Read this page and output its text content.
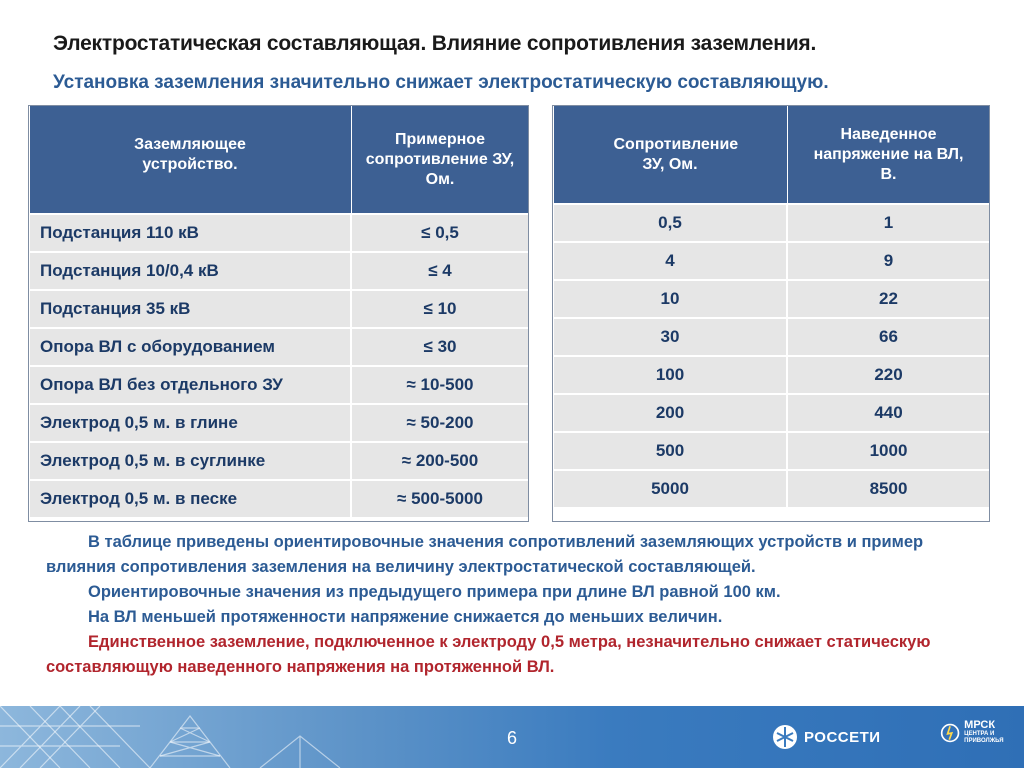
Электростатическая составляющая. Влияние сопротивления заземления.
Установка заземления значительно снижает электростатическую составляющую.
Заземляющее устройство.	Примерное сопротивление ЗУ, Ом.
Подстанция 110 кВ	≤ 0,5
Подстанция 10/0,4 кВ	≤ 4
Подстанция 35 кВ	≤ 10
Опора ВЛ с оборудованием	≤ 30
Опора ВЛ без отдельного ЗУ	≈ 10-500
Электрод 0,5 м. в глине	≈ 50-200
Электрод 0,5 м. в суглинке	≈ 200-500
Электрод 0,5 м. в песке	≈ 500-5000
Сопротивление ЗУ, Ом.	Наведенное напряжение на ВЛ, В.
0,5	1
4	9
10	22
30	66
100	220
200	440
500	1000
5000	8500

В таблице приведены ориентировочные значения сопротивлений заземляющих устройств и пример влияния сопротивления заземления на величину электростатической составляющей.

Ориентировочные значения из предыдущего примера при длине ВЛ равной 100 км.

На ВЛ меньшей протяженности напряжение снижается до меньших величин.

Единственное заземление, подключенное к электроду 0,5 метра, незначительно снижает статическую составляющую наведенного напряжения на протяженной ВЛ.

6	РОССЕТИ
МРСК
ЦЕНТРА И ПРИВОЛЖЬЯ
